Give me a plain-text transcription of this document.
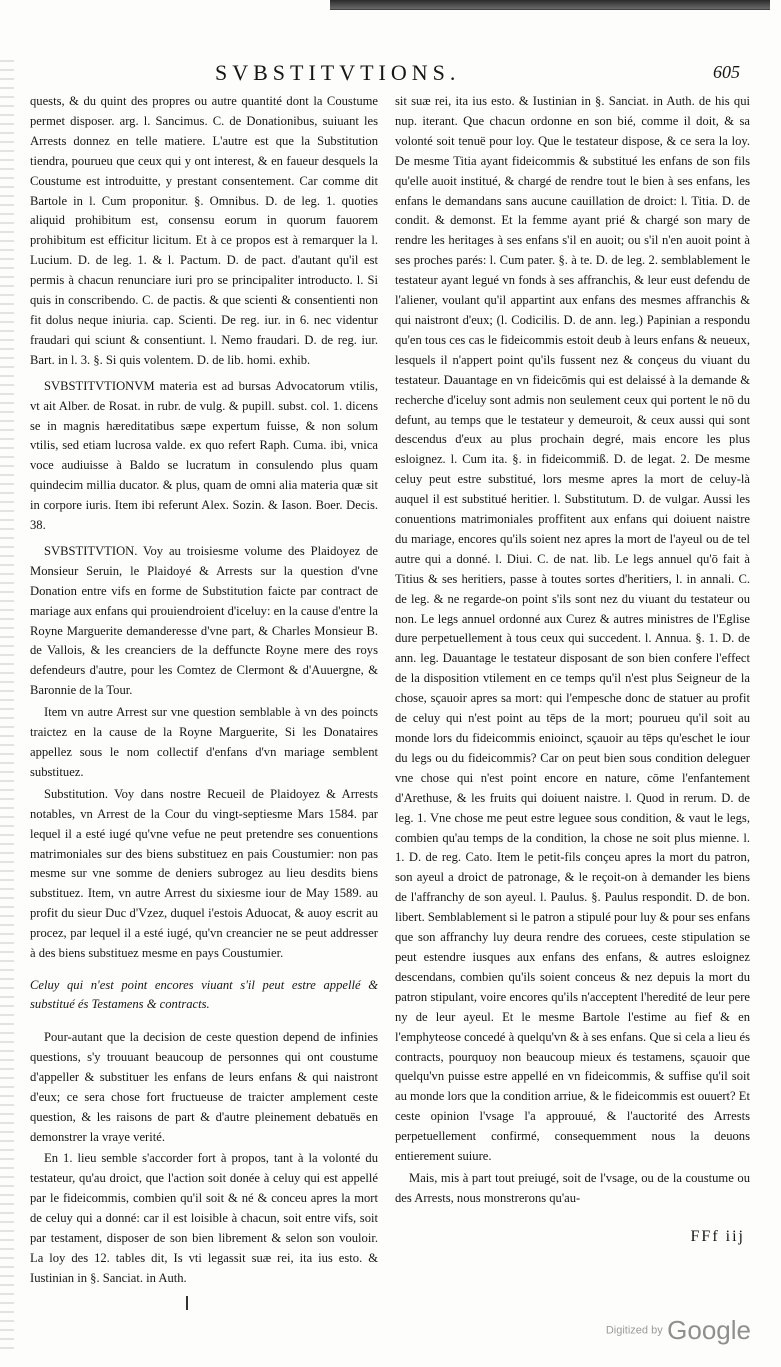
SVBSTITVTIONS.	605

quests, & du quint des propres ou autre quantité dont la Coustume permet disposer. arg. l. Sancimus. C. de Donationibus, suiuant les Arrests donnez en telle matiere. L'autre est que la Substitution tiendra, pourueu que ceux qui y ont interest, & en faueur desquels la Coustume est introduitte, y prestant consentement. Car comme dit Bartole in l. Cum proponitur. §. Omnibus. D. de leg. 1. quoties aliquid prohibitum est, consensu eorum in quorum fauorem prohibitum est efficitur licitum. Et à ce propos est à remarquer la l. Lucium. D. de leg. 1. & l. Pactum. D. de pact. d'autant qu'il est permis à chacun renunciare iuri pro se principaliter introducto. l. Si quis in conscribendo. C. de pactis. & que scienti & consentienti non fit dolus neque iniuria. cap. Scienti. De reg. iur. in 6. nec videntur fraudari qui sciunt & consentiunt. l. Nemo fraudari. D. de reg. iur. Bart. in l. 3. §. Si quis volentem. D. de lib. homi. exhib.

SVBSTITVTIONVM materia est ad bursas Advocatorum vtilis, vt ait Alber. de Rosat. in rubr. de vulg. & pupill. subst. col. 1. dicens se in magnis hæreditatibus sæpe expertum fuisse, & non solum vtilis, sed etiam lucrosa valde. ex quo refert Raph. Cuma. ibi, vnica voce audiuisse à Baldo se lucratum in consulendo plus quam quindecim millia ducator. & plus, quam de omni alia materia quæ sit in corpore iuris. Item ibi referunt Alex. Sozin. & Iason. Boer. Decis. 38.

SVBSTITVTION. Voy au troisiesme volume des Plaidoyez de Monsieur Seruin, le Plaidoyé & Arrests sur la question d'vne Donation entre vifs en forme de Substitution faicte par contract de mariage aux enfans qui prouiendroient d'iceluy: en la cause d'entre la Royne Marguerite demanderesse d'vne part, & Charles Monsieur B. de Vallois, & les creanciers de la deffuncte Royne mere des roys defendeurs d'autre, pour les Comtez de Clermont & d'Auuergne, & Baronnie de la Tour.

Item vn autre Arrest sur vne question semblable à vn des poincts traictez en la cause de la Royne Marguerite, Si les Donataires appellez sous le nom collectif d'enfans d'vn mariage semblent substituez.

Substitution. Voy dans nostre Recueil de Plaidoyez & Arrests notables, vn Arrest de la Cour du vingt-septiesme Mars 1584. par lequel il a esté iugé qu'vne vefue ne peut pretendre ses conuentions matrimoniales sur des biens substituez en pais Coustumier: non pas mesme sur vne somme de deniers subrogez au lieu desdits biens substituez. Item, vn autre Arrest du sixiesme iour de May 1589. au profit du sieur Duc d'Vzez, duquel i'estois Aduocat, & auoy escrit au procez, par lequel il a esté iugé, qu'vn creancier ne se peut addresser à des biens substituez mesme en pays Coustumier.

Celuy qui n'est point encores viuant s'il peut estre appellé & substitué és Testamens & contracts.

Pour-autant que la decision de ceste question depend de infinies questions, s'y trouuant beaucoup de personnes qui ont coustume d'appeller & substituer les enfans de leurs enfans & qui naistront d'eux; ce sera chose fort fructueuse de traicter amplement ceste question, & les raisons de part & d'autre pleinement debatuës en demonstrer la vraye verité.

En 1. lieu semble s'accorder fort à propos, tant à la volonté du testateur, qu'au droict, que l'action soit donée à celuy qui est appellé par le fideicommis, combien qu'il soit & né & conceu apres la mort de celuy qui a donné: car il est loisible à chacun, soit entre vifs, soit par testament, disposer de son bien librement & selon son vouloir. La loy des 12. tables dit, Is vti legassit suæ rei, ita ius esto. & Iustinian in §. Sanciat. in Auth.

sit suæ rei, ita ius esto. & Iustinian in §. Sanciat. in Auth. de his qui nup. iterant. Que chacun ordonne en son bié, comme il doit, & sa volonté soit tenuë pour loy. Que le testateur dispose, & ce sera la loy. De mesme Titia ayant fideicommis & substitué les enfans de son fils qu'elle auoit institué, & chargé de rendre tout le bien à ses enfans, les enfans le demandans sans aucune cauillation de droict: l. Titia. D. de condit. & demonst. Et la femme ayant prié & chargé son mary de rendre les heritages à ses enfans s'il en auoit; ou s'il n'en auoit point à ses proches parés: l. Cum pater. §. à te. D. de leg. 2. semblablement le testateur ayant legué vn fonds à ses affranchis, & leur eust defendu de l'aliener, voulant qu'il appartint aux enfans des mesmes affranchis & qui naistront d'eux; (l. Codicilis. D. de ann. leg.) Papinian a respondu qu'en tous ces cas le fideicommis estoit deub à leurs enfans & neueux, lesquels il n'appert point qu'ils fussent nez & conçeus du viuant du testateur. Dauantage en vn fideicōmis qui est delaissé à la demande & recherche d'iceluy sont admis non seulement ceux qui portent le nō du defunt, au temps que le testateur y demeuroit, & ceux aussi qui sont descendus d'eux au plus prochain degré, mais encore les plus esloignez. l. Cum ita. §. in fideicommiß. D. de legat. 2. De mesme celuy peut estre substitué, lors mesme apres la mort de celuy-là auquel il est substitué heritier. l. Substitutum. D. de vulgar. Aussi les conuentions matrimoniales proffitent aux enfans qui doiuent naistre du mariage, encores qu'ils soient nez apres la mort de l'ayeul ou de tel autre qui a donné. l. Diui. C. de nat. lib. Le legs annuel qu'ō fait à Titius & ses heritiers, passe à toutes sortes d'heritiers, l. in annali. C. de leg. & ne regarde-on point s'ils sont nez du viuant du testateur ou non. Le legs annuel ordonné aux Curez & autres ministres de l'Eglise dure perpetuellement à tous ceux qui succedent. l. Annua. §. 1. D. de ann. leg. Dauantage le testateur disposant de son bien confere l'effect de la disposition vtilement en ce temps qu'il n'est plus Seigneur de la chose, sçauoir apres sa mort: qui l'empesche donc de statuer au profit de celuy qui n'est point au tēps de la mort; pourueu qu'il soit au monde lors du fideicommis enioinct, sçauoir au tēps qu'eschet le iour du legs ou du fideicommis? Car on peut bien sous condition deleguer vne chose qui n'est point encore en nature, cōme l'enfantement d'Arethuse, & les fruits qui doiuent naistre. l. Quod in rerum. D. de leg. 1. Vne chose me peut estre leguee sous condition, & vaut le legs, combien qu'au temps de la condition, la chose ne soit plus mienne. l. 1. D. de reg. Cato. Item le petit-fils conçeu apres la mort du patron, son ayeul a droict de patronage, & le reçoit-on à demander les biens de l'affranchy de son ayeul. l. Paulus. §. Paulus respondit. D. de bon. libert. Semblablement si le patron a stipulé pour luy & pour ses enfans que son affranchy luy deura rendre des coruees, ceste stipulation se peut estendre iusques aux enfans des enfans, & autres esloignez descendans, combien qu'ils soient conceus & nez depuis la mort du patron stipulant, voire encores qu'ils n'acceptent l'heredité de leur pere ny de leur ayeul. Et le mesme Bartole l'estime au fief & en l'emphyteose concedé à quelqu'vn & à ses enfans. Que si cela a lieu és contracts, pourquoy non beaucoup mieux és testamens, sçauoir que quelqu'vn puisse estre appellé en vn fideicommis, & suffise qu'il soit au monde lors que la condition arriue, & le fideicommis est ouuert? Et ceste opinion l'vsage l'a approuué, & l'auctorité des Arrests perpetuellement confirmé, consequemment nous la deuons entierement suiure.

Mais, mis à part tout preiugé, soit de l'vsage, ou de la coustume ou des Arrests, nous monstrerons qu'au-

FFf iij
Digitized by Google
